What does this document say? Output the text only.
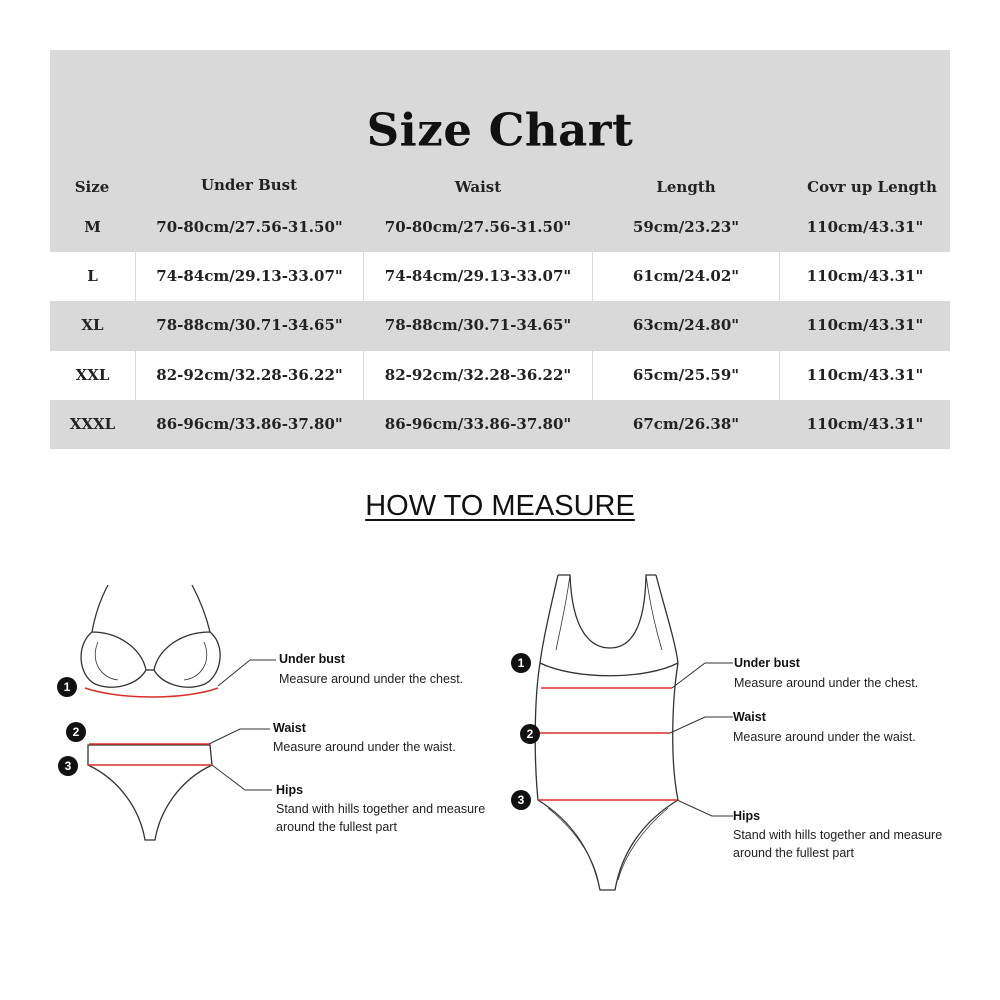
Size Chart
Size	Under Bust	Waist	Length	Covr up Length
M	70-80cm/27.56-31.50"	70-80cm/27.56-31.50"	59cm/23.23"	110cm/43.31"
L	74-84cm/29.13-33.07"	74-84cm/29.13-33.07"	61cm/24.02"	110cm/43.31"
XL	78-88cm/30.71-34.65"	78-88cm/30.71-34.65"	63cm/24.80"	110cm/43.31"
XXL	82-92cm/32.28-36.22"	82-92cm/32.28-36.22"	65cm/25.59"	110cm/43.31"
XXXL	86-96cm/33.86-37.80"	86-96cm/33.86-37.80"	67cm/26.38"	110cm/43.31"
HOW TO MEASURE
1
2
3
Under bust
Measure around under the chest.
Waist
Measure around under the waist.
Hips
Stand with hills together and measure
around the fullest part
1
2
3
Under bust
Measure around under the chest.
Waist
Measure around under the waist.
Hips
Stand with hills together and measure
around the fullest part
